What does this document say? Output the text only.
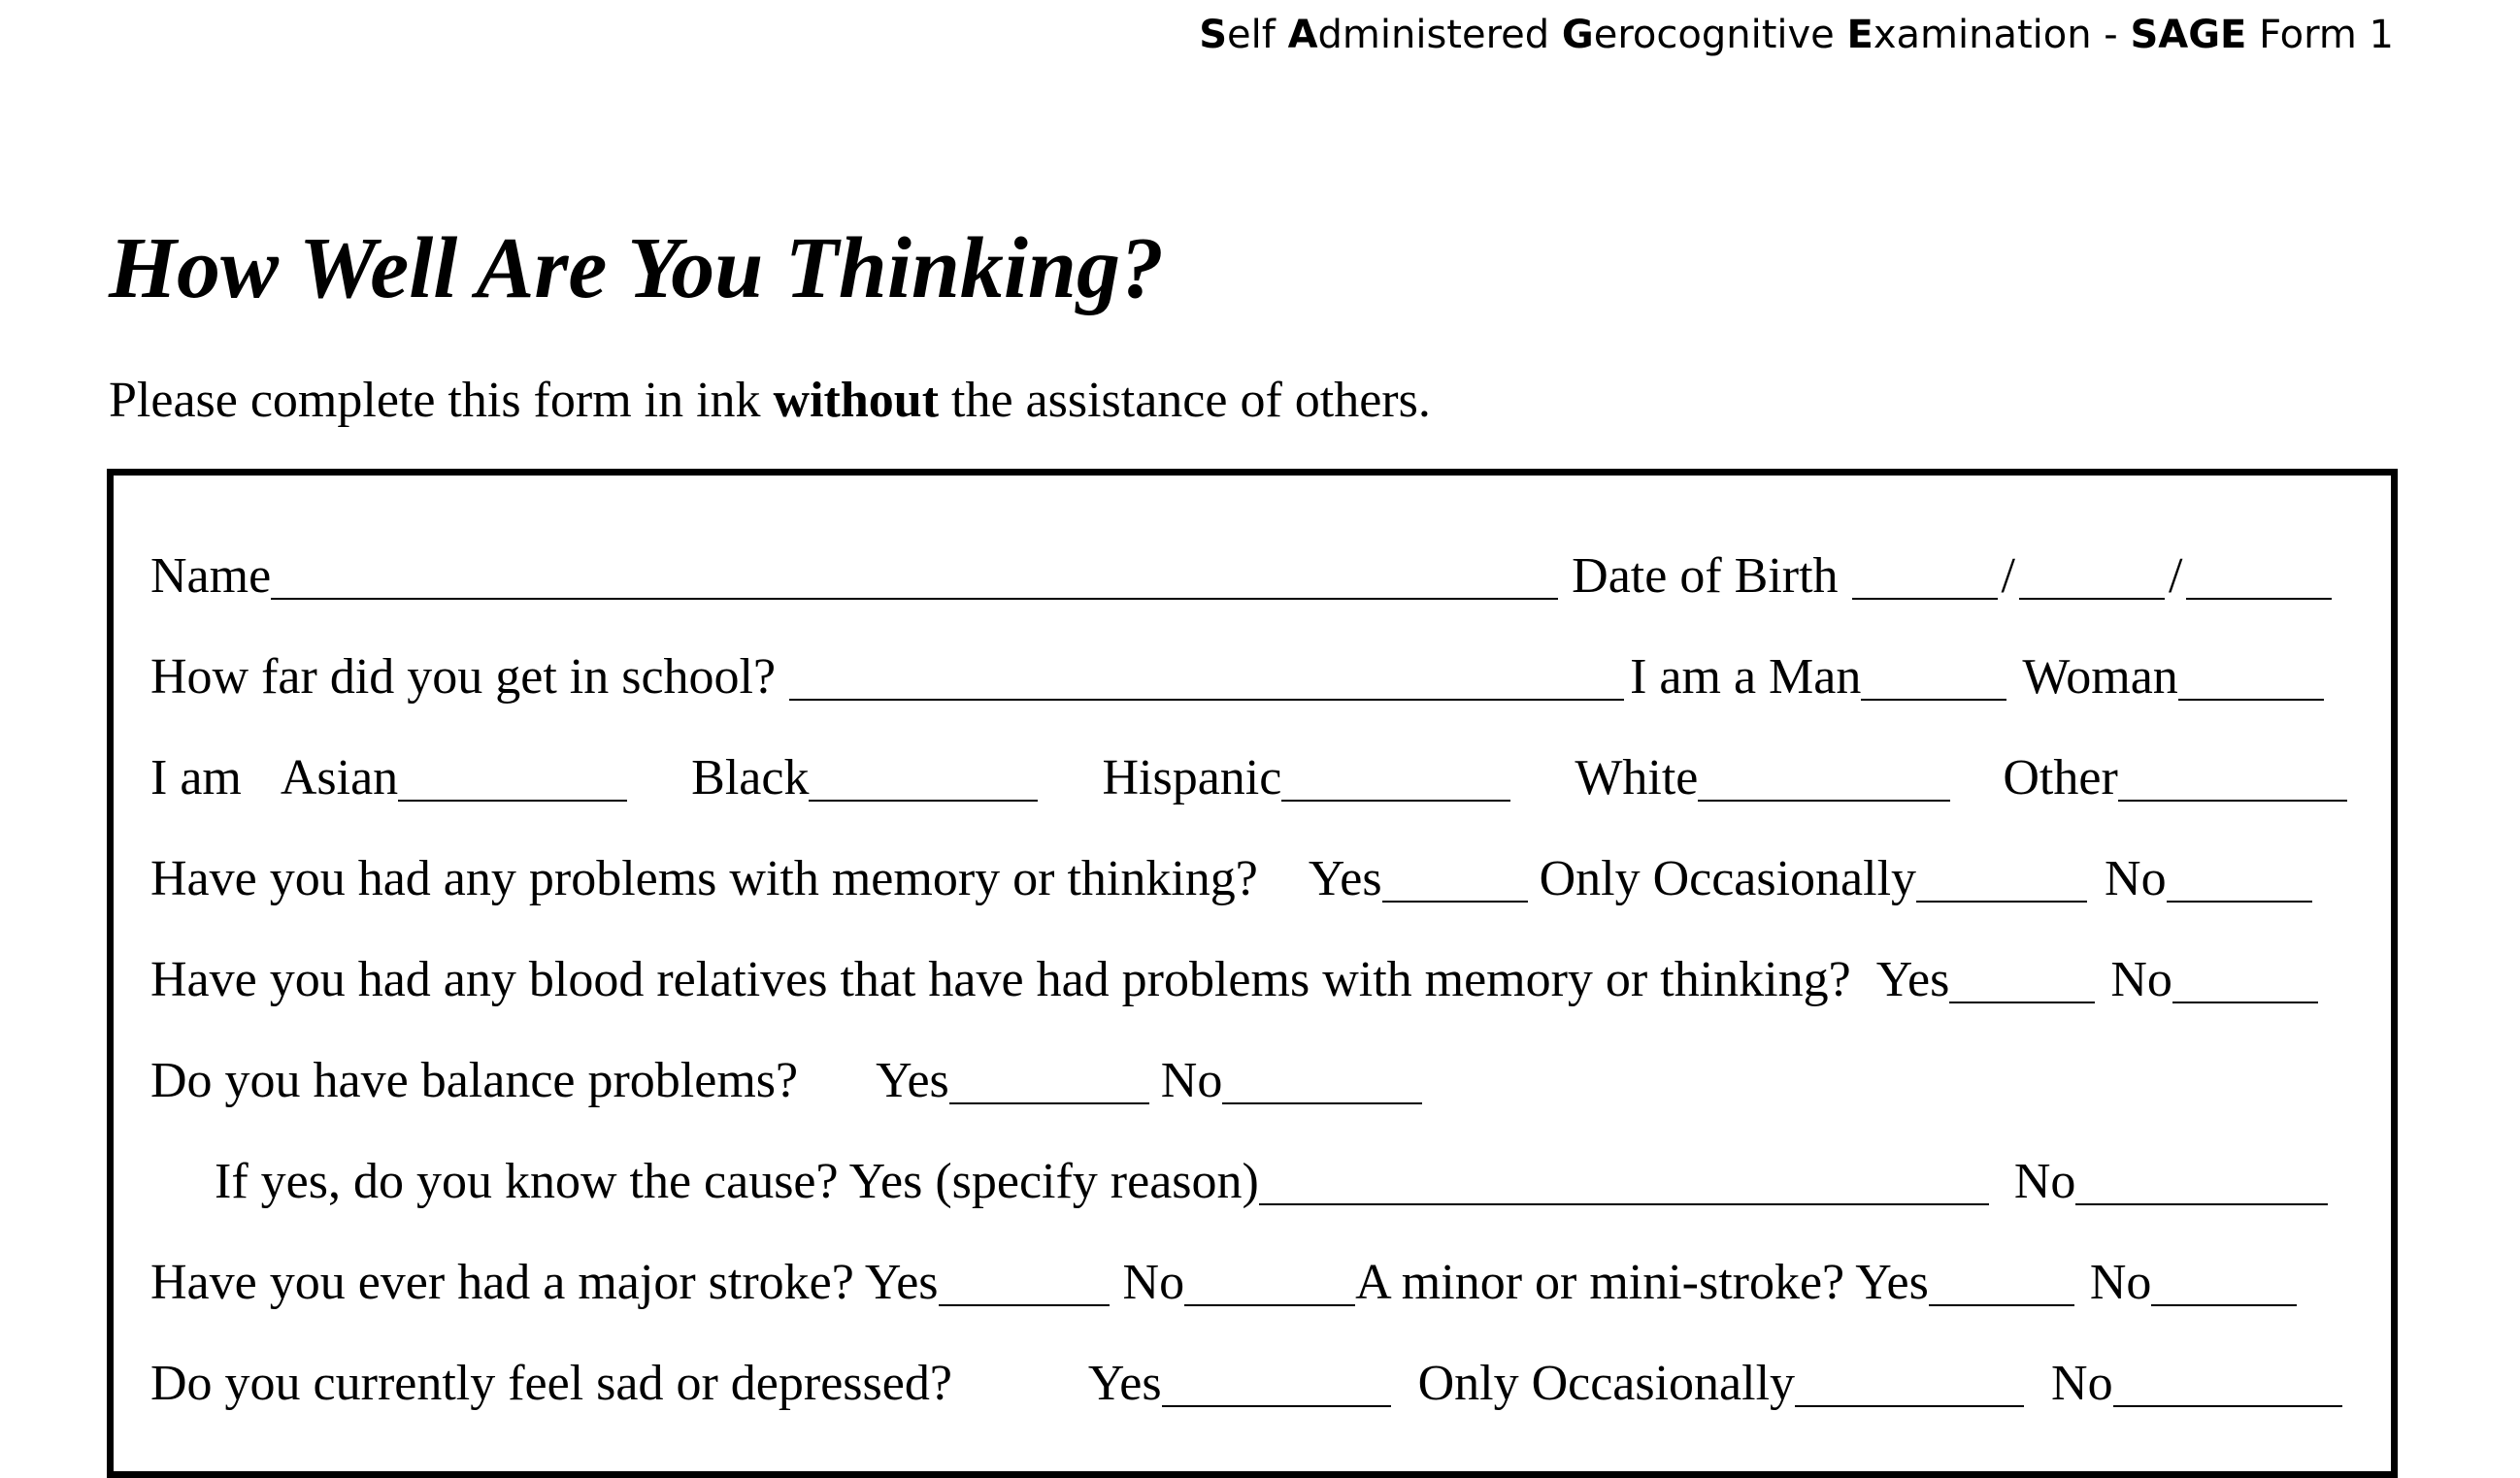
Self Administered Gerocognitive Examination - SAGE Form 1
How Well Are You Thinking?

Please complete this form in ink without the assistance of others.

Name	Date of Birth	/	/
How far did you get in school?	I am a Man	Woman
I am Asian	Black	Hispanic	White	Other
Have you had any problems with memory or thinking? Yes	Only Occasionally	No
Have you had any blood relatives that have had problems with memory or thinking? Yes	No
Do you have balance problems? Yes	No
If yes, do you know the cause? Yes (specify reason)	No
Have you ever had a major stroke? Yes	No	A minor or mini-stroke? Yes	No
Do you currently feel sad or depressed?	Yes	Only Occasionally	No
